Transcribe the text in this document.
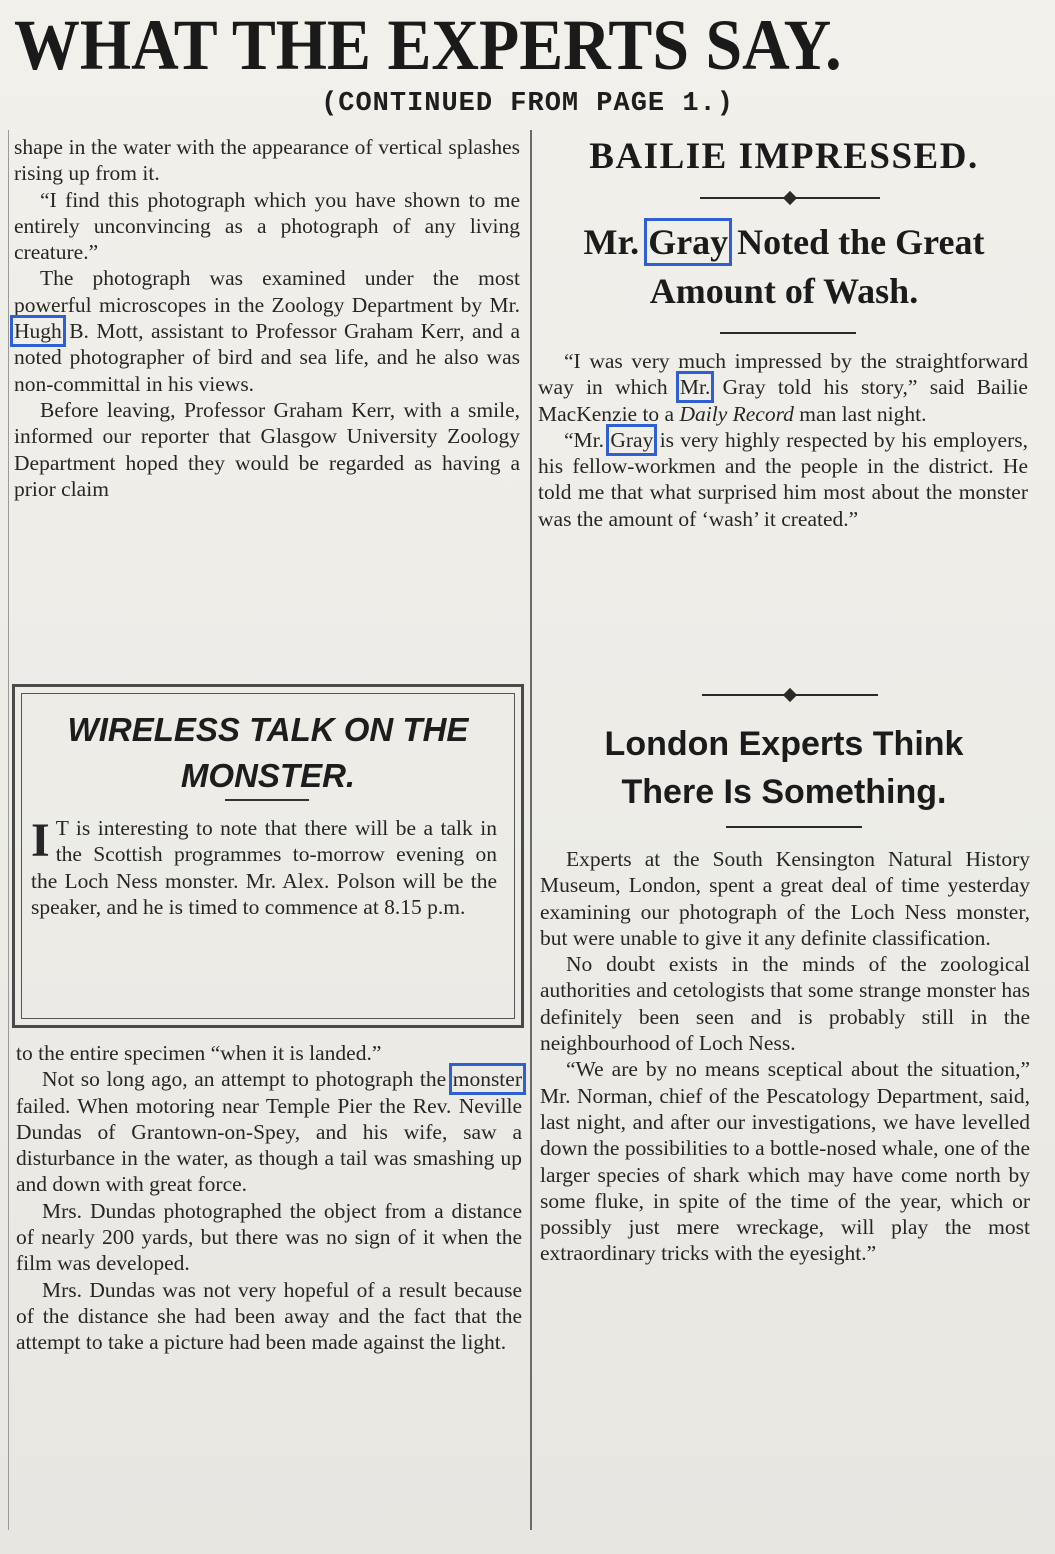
WHAT THE EXPERTS SAY.
(CONTINUED FROM PAGE 1.)

shape in the water with the appearance of vertical splashes rising up from it.

“I find this photograph which you have shown to me entirely unconvincing as a photograph of any living creature.”

The photograph was examined under the most powerful microscopes in the Zoology Department by Mr. Hugh B. Mott, assistant to Professor Graham Kerr, and a noted photographer of bird and sea life, and he also was non-committal in his views.

Before leaving, Professor Graham Kerr, with a smile, informed our reporter that Glasgow University Zoology Department hoped they would be regarded as having a prior claim

WIRELESS TALK ON THE
MONSTER.
I T is interesting to note that there will be a talk in the Scottish programmes to-morrow evening on the Loch Ness monster. Mr. Alex. Polson will be the speaker, and he is timed to commence at 8.15 p.m.

to the entire specimen “when it is landed.”

Not so long ago, an attempt to photograph the monster failed. When motoring near Temple Pier the Rev. Neville Dundas of Grantown-on-Spey, and his wife, saw a disturbance in the water, as though a tail was smashing up and down with great force.

Mrs. Dundas photographed the object from a distance of nearly 200 yards, but there was no sign of it when the film was developed.

Mrs. Dundas was not very hopeful of a result because of the distance she had been away and the fact that the attempt to take a picture had been made against the light.

BAILIE IMPRESSED.
Mr. Gray Noted the Great Amount of Wash.

“I was very much impressed by the straightforward way in which Mr. Gray told his story,” said Bailie MacKenzie to a Daily Record man last night.

“Mr. Gray is very highly respected by his employers, his fellow-workmen and the people in the district. He told me that what surprised him most about the monster was the amount of ‘wash’ it created.”

London Experts Think
There Is Something.

Experts at the South Kensington Natural History Museum, London, spent a great deal of time yesterday examining our photograph of the Loch Ness monster, but were unable to give it any definite classification.

No doubt exists in the minds of the zoological authorities and cetologists that some strange monster has definitely been seen and is probably still in the neighbourhood of Loch Ness.

“We are by no means sceptical about the situation,” Mr. Norman, chief of the Pescatology Department, said, last night, and after our investigations, we have levelled down the possibilities to a bottle-nosed whale, one of the larger species of shark which may have come north by some fluke, in spite of the time of the year, which or possibly just mere wreckage, will play the most extraordinary tricks with the eyesight.”
